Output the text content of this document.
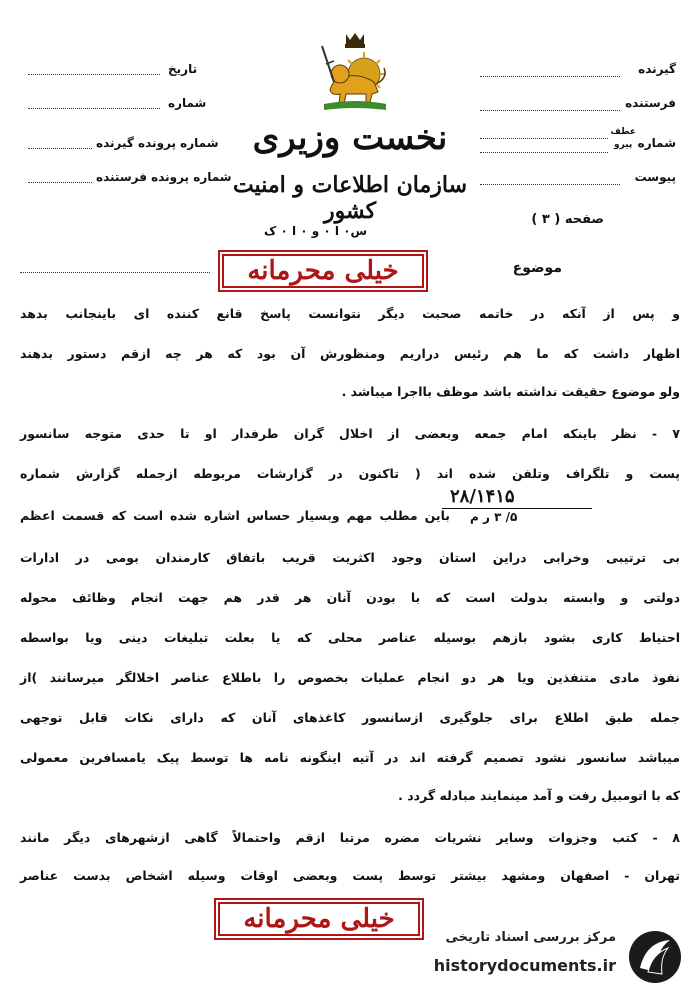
گیرنده
فرستنده
شماره
عطف
پیرو
پیوست
تاریخ
شماره
شماره پرونده گیرنده
شماره پرونده فرستنده
نخست وزیری
سازمان اطلاعات و امنیت کشور
س۰ ا ۰ و ۰ ا ۰ ک
صفحه ( ۳ )
موضوع
خیلی محرمانه
و پس از آنکه در خاتمه صحبت دیگر نتوانست پاسخ قانع کننده ای باینجانب بدهد
اظهار داشت که ما هم رئیس دراریم ومنظورش آن بود که هر چه ازقم دستور بدهند
ولو موضوع حقیقت نداشته باشد موظف بااجرا میباشد .
۷ - نظر باینکه امام جمعه وبعضی از اخلال گران طرفدار او تا حدی متوجه سانسور
پست و تلگراف وتلفن شده اند ( تاکنون در گزارشات مربوطه ازجمله گزارش شماره
۲۸/۱۴۱۵
۵/ ۳ ر م
باین مطلب مهم وبسیار حساس اشاره شده است که قسمت اعظم
بی ترتیبی وخرابی دراین استان وجود اکثریت قریب باتفاق کارمندان بومی در ادارات
دولتی و وابسته بدولت است که با بودن آنان هر قدر هم جهت انجام وظائف محوله
احتیاط کاری بشود بازهم بوسیله عناصر محلی که یا بعلت تبلیغات دینی ویا بواسطه
نفوذ مادی متنفذین ویا هر دو انجام عملیات بخصوص را باطلاع عناصر اخلالگر میرسانند )از
جمله طبق اطلاع برای جلوگیری ازسانسور کاغذهای آنان که دارای نکات قابل توجهی
میباشد سانسور نشود تصمیم گرفته اند در آتیه اینگونه نامه ها توسط پیک یامسافرین معمولی
که با اتومبیل رفت و آمد مینمایند مبادله گردد .
۸ - کتب وجزوات وسایر نشریات مضره مرتبا ازقم واحتمالاً گاهی ازشهرهای دیگر مانند
تهران - اصفهان ومشهد بیشتر توسط پست وبعضی اوقات وسیله اشخاص بدست عناصر
خیلی محرمانه
مرکز بررسی اسناد تاریخی
historydocuments.ir
